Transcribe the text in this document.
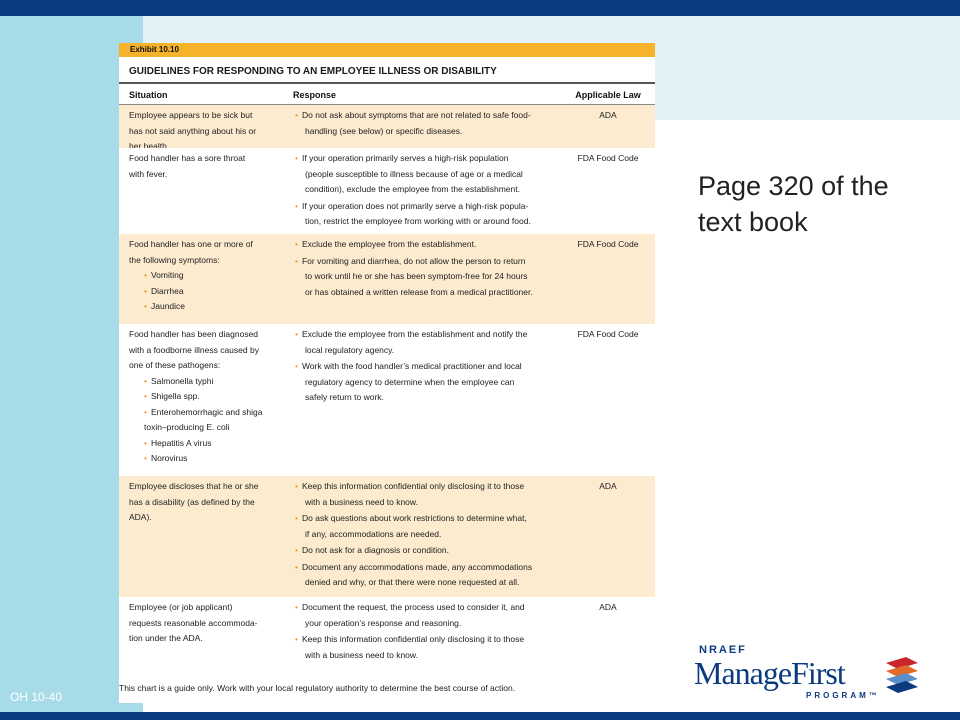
Exhibit 10.10
GUIDELINES FOR RESPONDING TO AN EMPLOYEE ILLNESS OR DISABILITY
Situation	Response	Applicable Law
Employee appears to be sick but
has not said anything about his or
her health.
• Do not ask about symptoms that are not related to safe food-
handling (see below) or specific diseases.
ADA
Food handler has a sore throat
with fever.
• If your operation primarily serves a high-risk population
(people susceptible to illness because of age or a medical
condition), exclude the employee from the establishment.
• If your operation does not primarily serve a high-risk popula-
tion, restrict the employee from working with or around food.
FDA Food Code
Food handler has one or more of
the following symptoms:
• Vomiting
• Diarrhea
• Jaundice
• Exclude the employee from the establishment.
• For vomiting and diarrhea, do not allow the person to return
to work until he or she has been symptom-free for 24 hours
or has obtained a written release from a medical practitioner.
FDA Food Code
Food handler has been diagnosed
with a foodborne illness caused by
one of these pathogens:
• Salmonella typhi
• Shigella spp.
• Enterohemorrhagic and shiga toxin–producing E. coli
• Hepatitis A virus
• Norovirus
• Exclude the employee from the establishment and notify the
local regulatory agency.
• Work with the food handler’s medical practitioner and local
regulatory agency to determine when the employee can
safely return to work.
FDA Food Code
Employee discloses that he or she
has a disability (as defined by the
ADA).
• Keep this information confidential only disclosing it to those
with a business need to know.
• Do ask questions about work restrictions to determine what,
if any, accommodations are needed.
• Do not ask for a diagnosis or condition.
• Document any accommodations made, any accommodations
denied and why, or that there were none requested at all.
ADA
Employee (or job applicant)
requests reasonable accommoda-
tion under the ADA.
• Document the request, the process used to consider it, and
your operation’s response and reasoning.
• Keep this information confidential only disclosing it to those
with a business need to know.
ADA
This chart is a guide only. Work with your local regulatory authority to determine the best course of action.
Page 320 of the
text book
OH 10-40
NRAEF
ManageFirst
PROGRAM™
